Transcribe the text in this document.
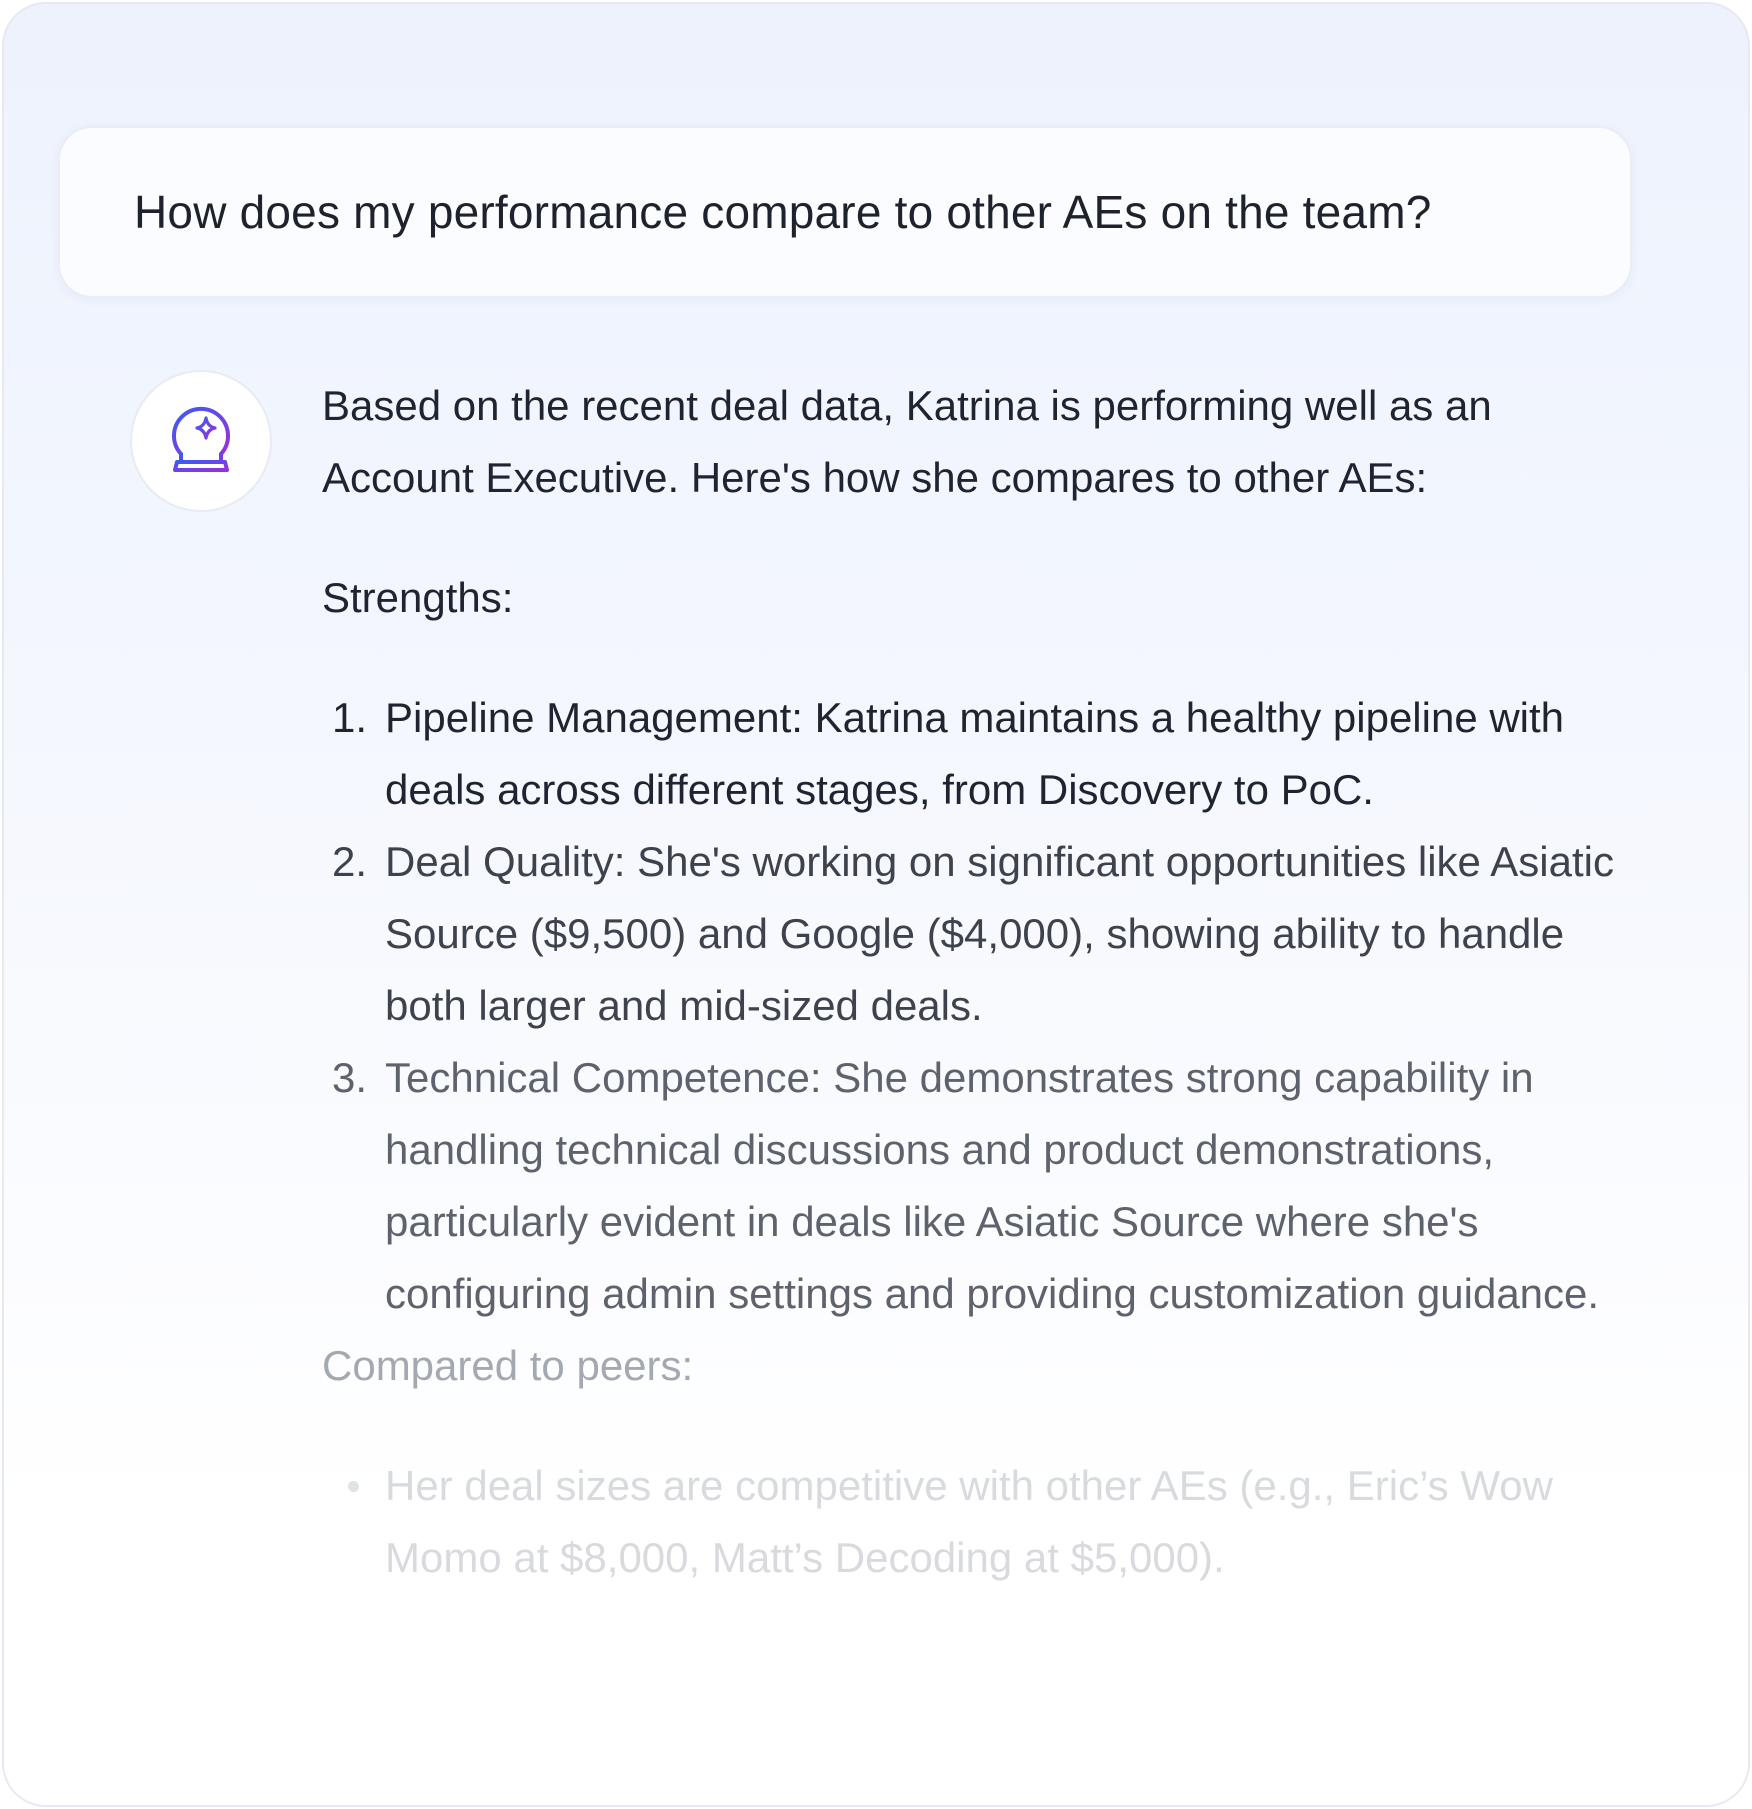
How does my performance compare to other AEs on the team?

Based on the recent deal data, Katrina is performing well as an Account Executive. Here's how she compares to other AEs:

Strengths:

1. Pipeline Management: Katrina maintains a healthy pipeline with deals across different stages, from Discovery to PoC.
2. Deal Quality: She's working on significant opportunities like Asiatic Source ($9,500) and Google ($4,000), showing ability to handle both larger and mid-sized deals.
3. Technical Competence: She demonstrates strong capability in handling technical discussions and product demonstrations, particularly evident in deals like Asiatic Source where she's configuring admin settings and providing customization guidance.

Compared to peers:

Her deal sizes are competitive with other AEs (e.g., Eric’s Wow Momo at $8,000, Matt’s Decoding at $5,000).
